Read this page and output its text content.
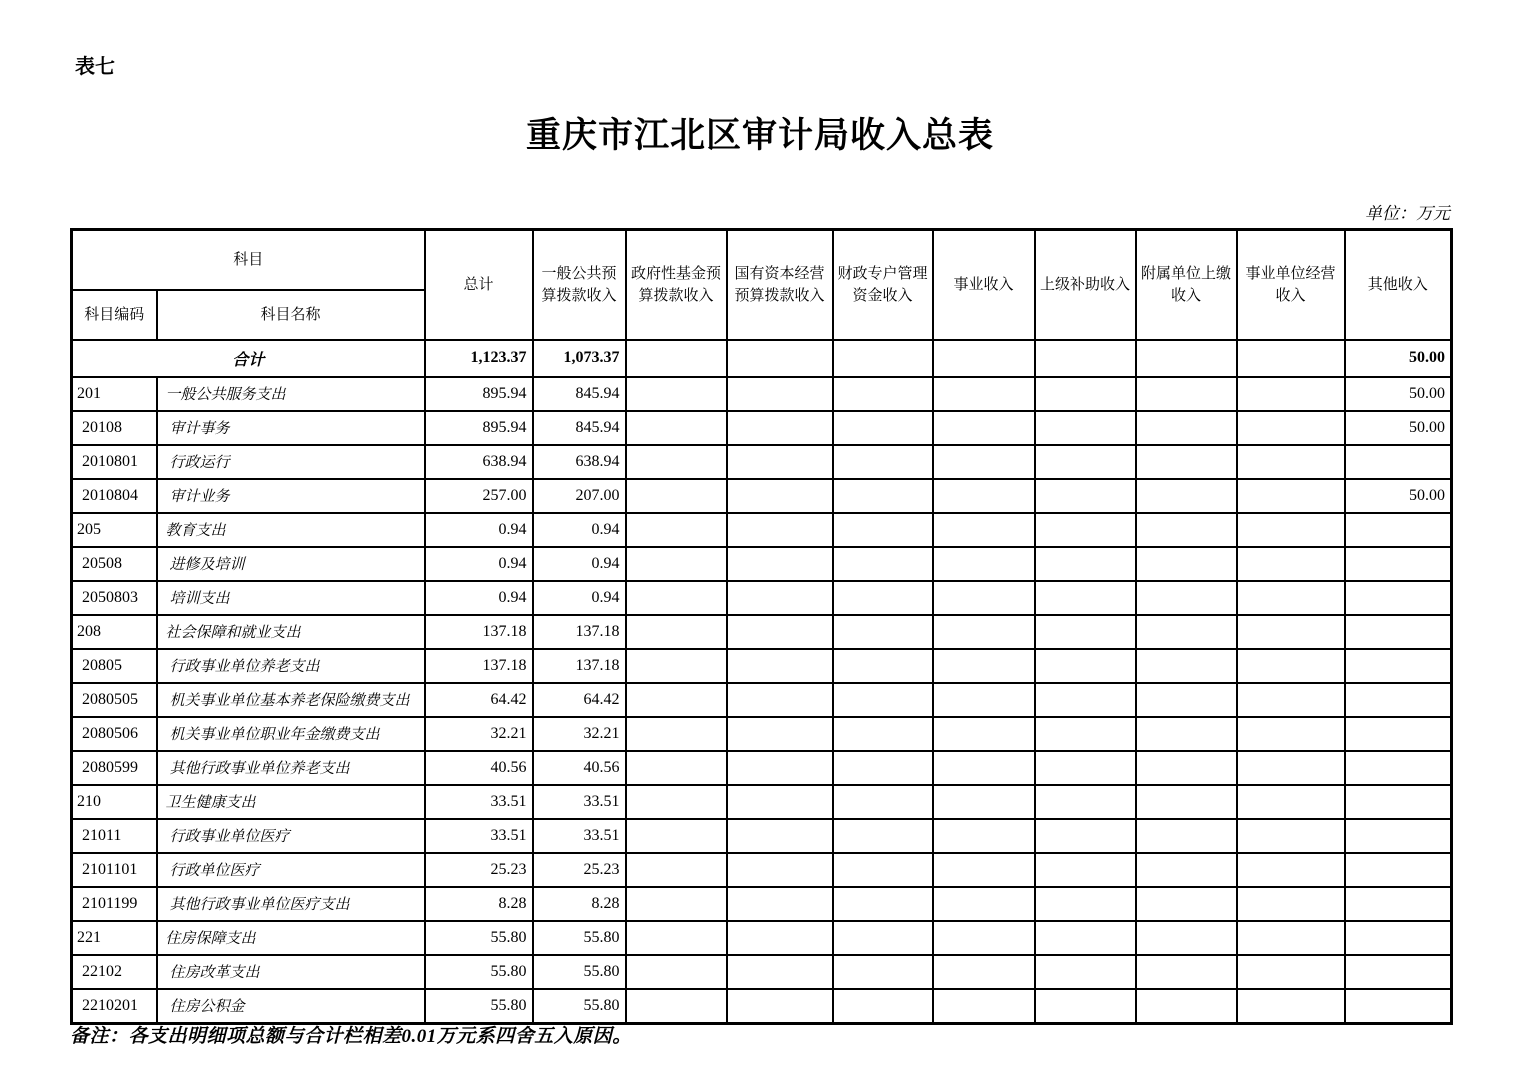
表七
重庆市江北区审计局收入总表
单位：万元
科目		总计	一般公共预算拨款收入	政府性基金预算拨款收入	国有资本经营预算拨款收入	财政专户管理资金收入	事业收入	上级补助收入	附属单位上缴收入	事业单位经营收入	其他收入
科目编码	科目名称										
合计		1,123.37	1,073.37								50.00
201	一般公共服务支出	895.94	845.94								50.00
20108	审计事务	895.94	845.94								50.00
2010801	行政运行	638.94	638.94								
2010804	审计业务	257.00	207.00								50.00
205	教育支出	0.94	0.94								
20508	进修及培训	0.94	0.94								
2050803	培训支出	0.94	0.94								
208	社会保障和就业支出	137.18	137.18								
20805	行政事业单位养老支出	137.18	137.18								
2080505	机关事业单位基本养老保险缴费支出	64.42	64.42								
2080506	机关事业单位职业年金缴费支出	32.21	32.21								
2080599	其他行政事业单位养老支出	40.56	40.56								
210	卫生健康支出	33.51	33.51								
21011	行政事业单位医疗	33.51	33.51								
2101101	行政单位医疗	25.23	25.23								
2101199	其他行政事业单位医疗支出	8.28	8.28								
221	住房保障支出	55.80	55.80								
22102	住房改革支出	55.80	55.80								
2210201	住房公积金	55.80	55.80								
备注：各支出明细项总额与合计栏相差0.01万元系四舍五入原因。
